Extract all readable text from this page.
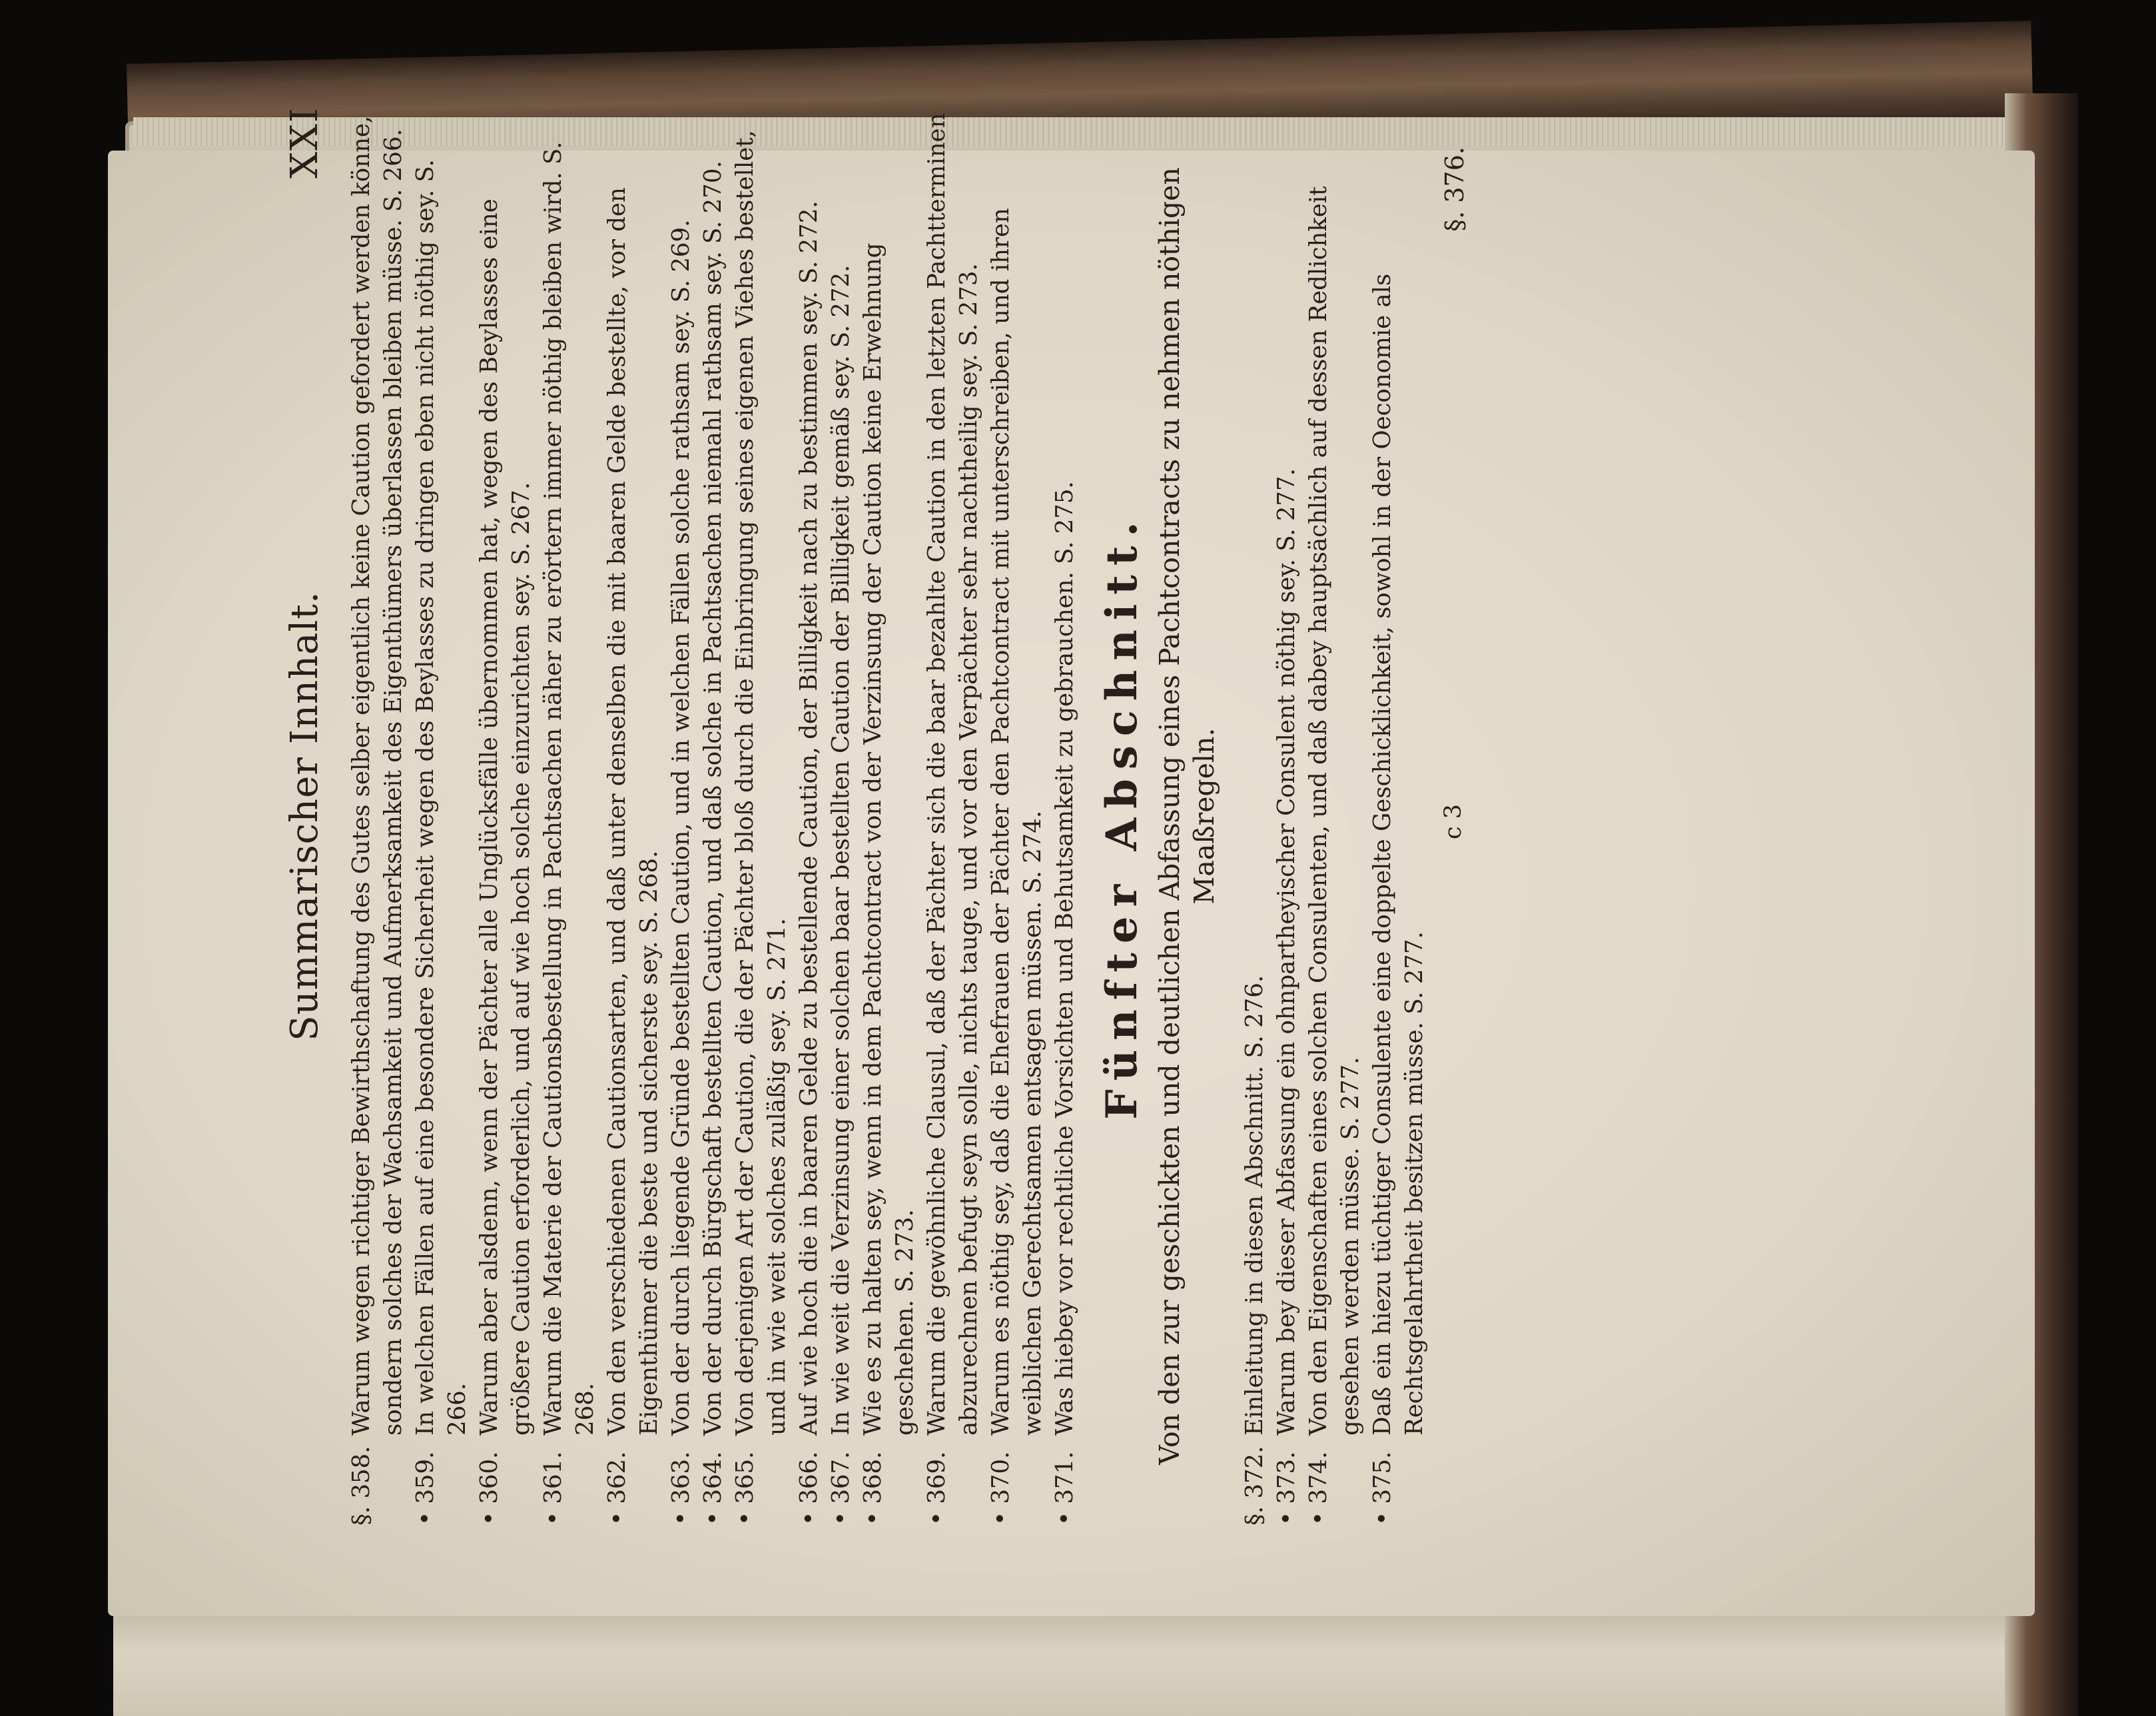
Summarischer Innhalt.
XXI
§. 358.
Warum wegen richtiger Bewirthschaftung des Gutes selber eigentlich keine Caution gefordert werden könne, sondern solches der Wachsamkeit und Aufmerksamkeit des Eigenthümers überlassen bleiben müsse. S. 266.
• 359.
In welchen Fällen auf eine besondere Sicherheit wegen des Beylasses zu dringen eben nicht nöthig sey. S. 266.
• 360.
Warum aber alsdenn, wenn der Pächter alle Unglücksfälle übernommen hat, wegen des Beylasses eine größere Caution erforderlich, und auf wie hoch solche einzurichten sey. S. 267.
• 361.
Warum die Materie der Cautionsbestellung in Pachtsachen näher zu erörtern immer nöthig bleiben wird. S. 268.
• 362.
Von den verschiedenen Cautionsarten, und daß unter denselben die mit baaren Gelde bestellte, vor den Eigenthümer die beste und sicherste sey. S. 268.
• 363.
Von der durch liegende Gründe bestellten Caution, und in welchen Fällen solche rathsam sey. S. 269.
• 364.
Von der durch Bürgschaft bestellten Caution, und daß solche in Pachtsachen niemahl rathsam sey. S. 270.
• 365.
Von derjenigen Art der Caution, die der Pächter bloß durch die Einbringung seines eigenen Viehes bestellet, und in wie weit solches zuläßig sey. S. 271.
• 366.
Auf wie hoch die in baaren Gelde zu bestellende Caution, der Billigkeit nach zu bestimmen sey. S. 272.
• 367.
In wie weit die Verzinsung einer solchen baar bestellten Caution der Billigkeit gemäß sey. S. 272.
• 368.
Wie es zu halten sey, wenn in dem Pachtcontract von der Verzinsung der Caution keine Erwehnung geschehen. S. 273.
• 369.
Warum die gewöhnliche Clausul, daß der Pächter sich die baar bezahlte Caution in den letzten Pachtterminen abzurechnen befugt seyn solle, nichts tauge, und vor den Verpächter sehr nachtheilig sey. S. 273.
• 370.
Warum es nöthig sey, daß die Ehefrauen der Pächter den Pachtcontract mit unterschreiben, und ihren weiblichen Gerechtsamen entsagen müssen. S. 274.
• 371.
Was hiebey vor rechtliche Vorsichten und Behutsamkeit zu gebrauchen. S. 275. Fünfter Abschnitt. Von den zur geschickten und deutlichen Abfassung eines Pachtcontracts zu nehmen nöthigen Maaßregeln.
§. 372.
Einleitung in diesen Abschnitt. S. 276.
• 373.
Warum bey dieser Abfassung ein ohnpartheyischer Consulent nöthig sey. S. 277.
• 374.
Von den Eigenschaften eines solchen Consulenten, und daß dabey hauptsächlich auf dessen Redlichkeit gesehen werden müsse. S. 277.
• 375.
Daß ein hiezu tüchtiger Consulente eine doppelte Geschicklichkeit, sowohl in der Oeconomie als Rechtsgelahrtheit besitzen müsse. S. 277.
c 3
§. 376.
